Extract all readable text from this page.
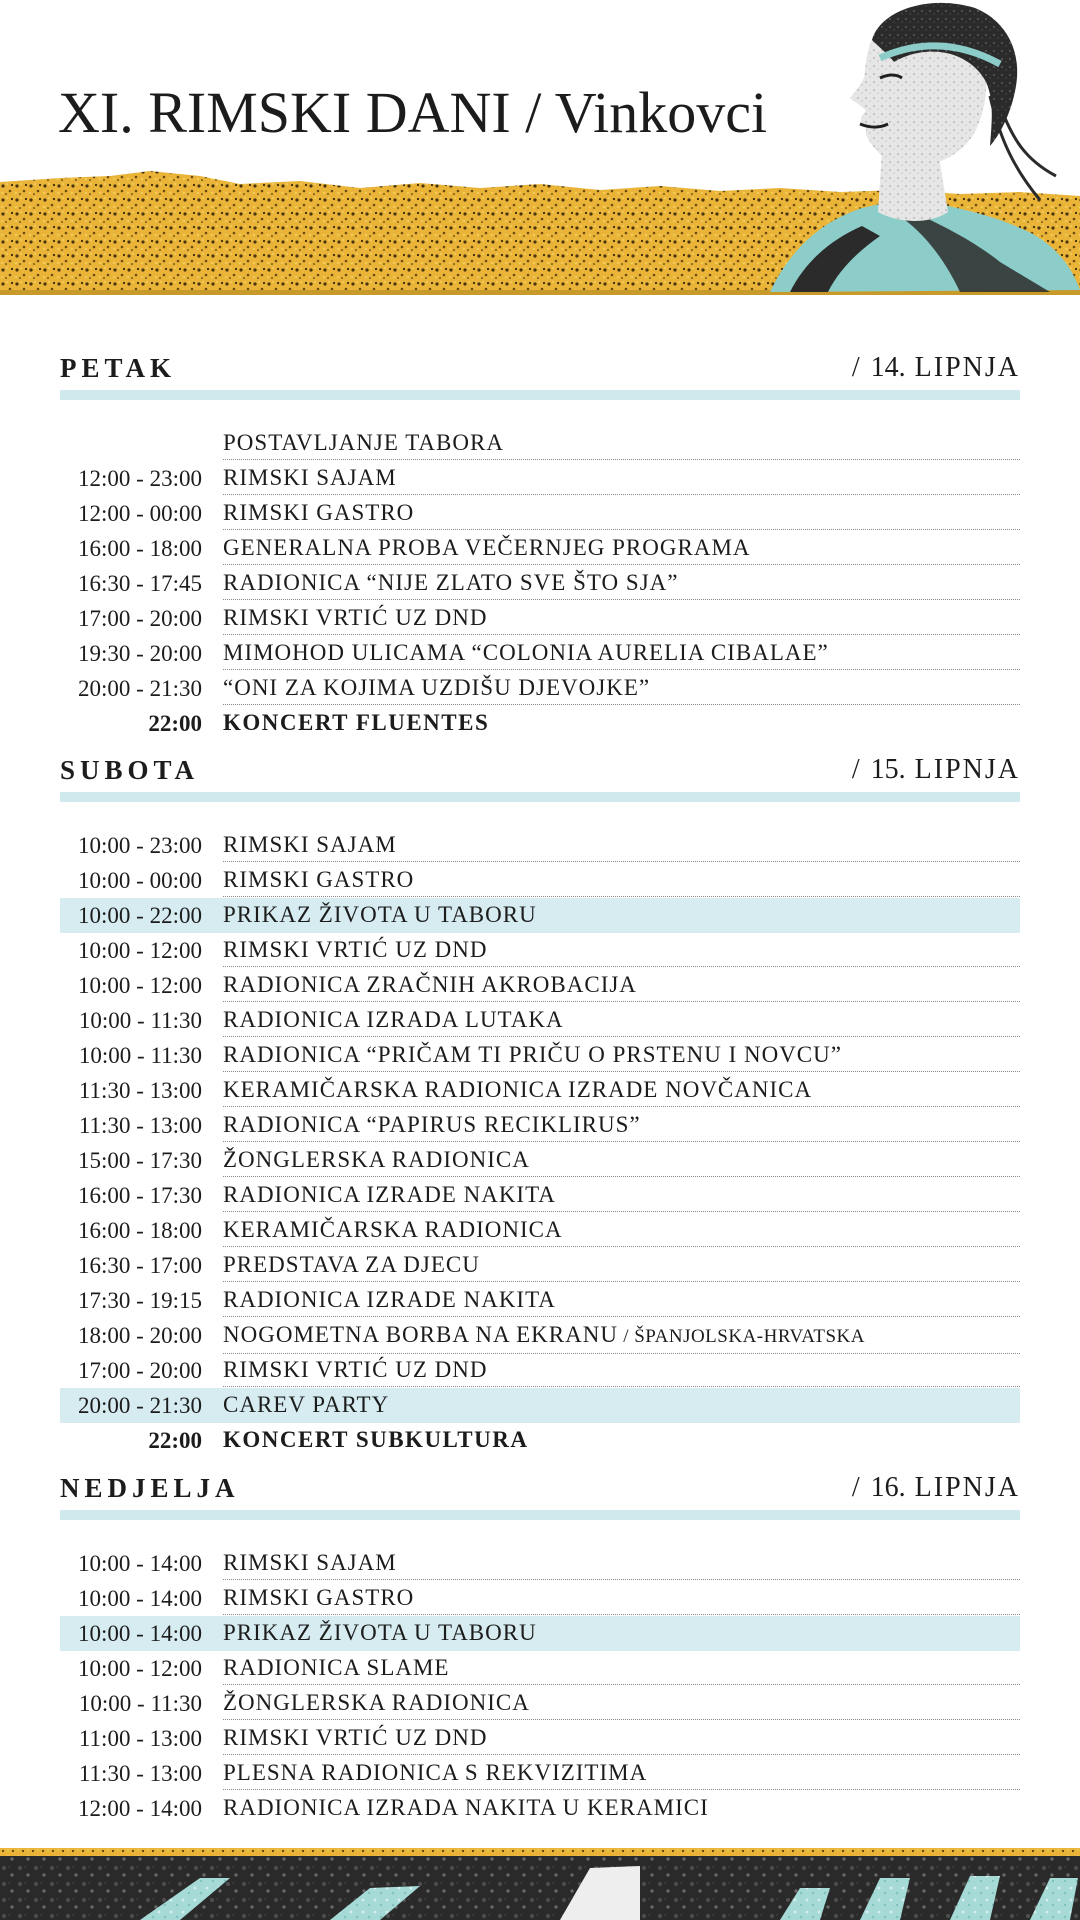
XI. RIMSKI DANI / Vinkovci
PETAK	/ 14. LIPNJA
POSTAVLJANJE TABORA
12:00 - 23:00 RIMSKI SAJAM
12:00 - 00:00 RIMSKI GASTRO
16:00 - 18:00 GENERALNA PROBA VEČERNJEG PROGRAMA
16:30 - 17:45 RADIONICA “NIJE ZLATO SVE ŠTO SJA”
17:00 - 20:00 RIMSKI VRTIĆ UZ DND
19:30 - 20:00 MIMOHOD ULICAMA “COLONIA AURELIA CIBALAE”
20:00 - 21:30 “ONI ZA KOJIMA UZDIŠU DJEVOJKE”
22:00 KONCERT FLUENTES
SUBOTA	/ 15. LIPNJA
10:00 - 23:00 RIMSKI SAJAM
10:00 - 00:00 RIMSKI GASTRO
10:00 - 22:00 PRIKAZ ŽIVOTA U TABORU
10:00 - 12:00 RIMSKI VRTIĆ UZ DND
10:00 - 12:00 RADIONICA ZRAČNIH AKROBACIJA
10:00 - 11:30 RADIONICA IZRADA LUTAKA
10:00 - 11:30 RADIONICA “PRIČAM TI PRIČU O PRSTENU I NOVCU”
11:30 - 13:00 KERAMIČARSKA RADIONICA IZRADE NOVČANICA
11:30 - 13:00 RADIONICA “PAPIRUS RECIKLIRUS”
15:00 - 17:30 ŽONGLERSKA RADIONICA
16:00 - 17:30 RADIONICA IZRADE NAKITA
16:00 - 18:00 KERAMIČARSKA RADIONICA
16:30 - 17:00 PREDSTAVA ZA DJECU
17:30 - 19:15 RADIONICA IZRADE NAKITA
18:00 - 20:00 NOGOMETNA BORBA NA EKRANU / ŠPANJOLSKA-HRVATSKA
17:00 - 20:00 RIMSKI VRTIĆ UZ DND
20:00 - 21:30 CAREV PARTY
22:00 KONCERT SUBKULTURA
NEDJELJA	/ 16. LIPNJA
10:00 - 14:00 RIMSKI SAJAM
10:00 - 14:00 RIMSKI GASTRO
10:00 - 14:00 PRIKAZ ŽIVOTA U TABORU
10:00 - 12:00 RADIONICA SLAME
10:00 - 11:30 ŽONGLERSKA RADIONICA
11:00 - 13:00 RIMSKI VRTIĆ UZ DND
11:30 - 13:00 PLESNA RADIONICA S REKVIZITIMA
12:00 - 14:00 RADIONICA IZRADA NAKITA U KERAMICI
